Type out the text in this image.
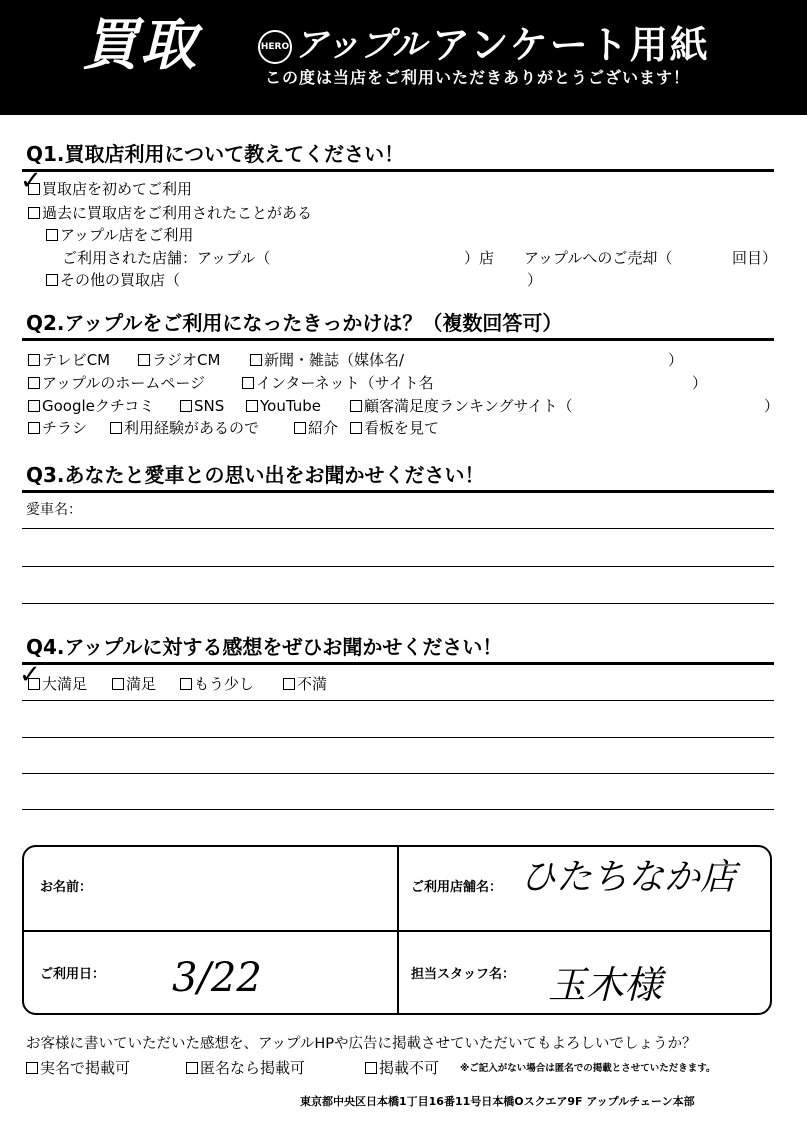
買取	HERO アップル アンケート用紙
この度は当店をご利用いただきありがとうございます！
Q1.買取店利用について教えてください！
✓ 買取店を初めてご利用
過去に買取店をご利用されたことがある
アップル店をご利用
ご利用された店舗：アップル（	）店 アップルへのご売却（	回目）
その他の買取店（	）
Q2.アップルをご利用になったきっかけは？（複数回答可）
テレビCM	ラジオCM	新聞・雑誌（媒体名/	）
アップルのホームページ	インターネット（サイト名	）
Googleクチコミ	SNS	YouTube	顧客満足度ランキングサイト（	）
チラシ	利用経験があるので	紹介	看板を見て
Q3.あなたと愛車との思い出をお聞かせください！
愛車名：
Q4.アップルに対する感想をぜひお聞かせください！
✓ 大満足	満足	もう少し	不満
お名前：	ご利用店舗名： ひたちなか店
ご利用日： 3/22	担当スタッフ名： 玉木様
お客様に書いていただいた感想を、アップルHPや広告に掲載させていただいてもよろしいでしょうか？
実名で掲載可	匿名なら掲載可	掲載不可 ※ご記入がない場合は匿名での掲載とさせていただきます。
東京都中央区日本橋1丁目16番11号日本橋Oスクエア9F アップルチェーン本部
